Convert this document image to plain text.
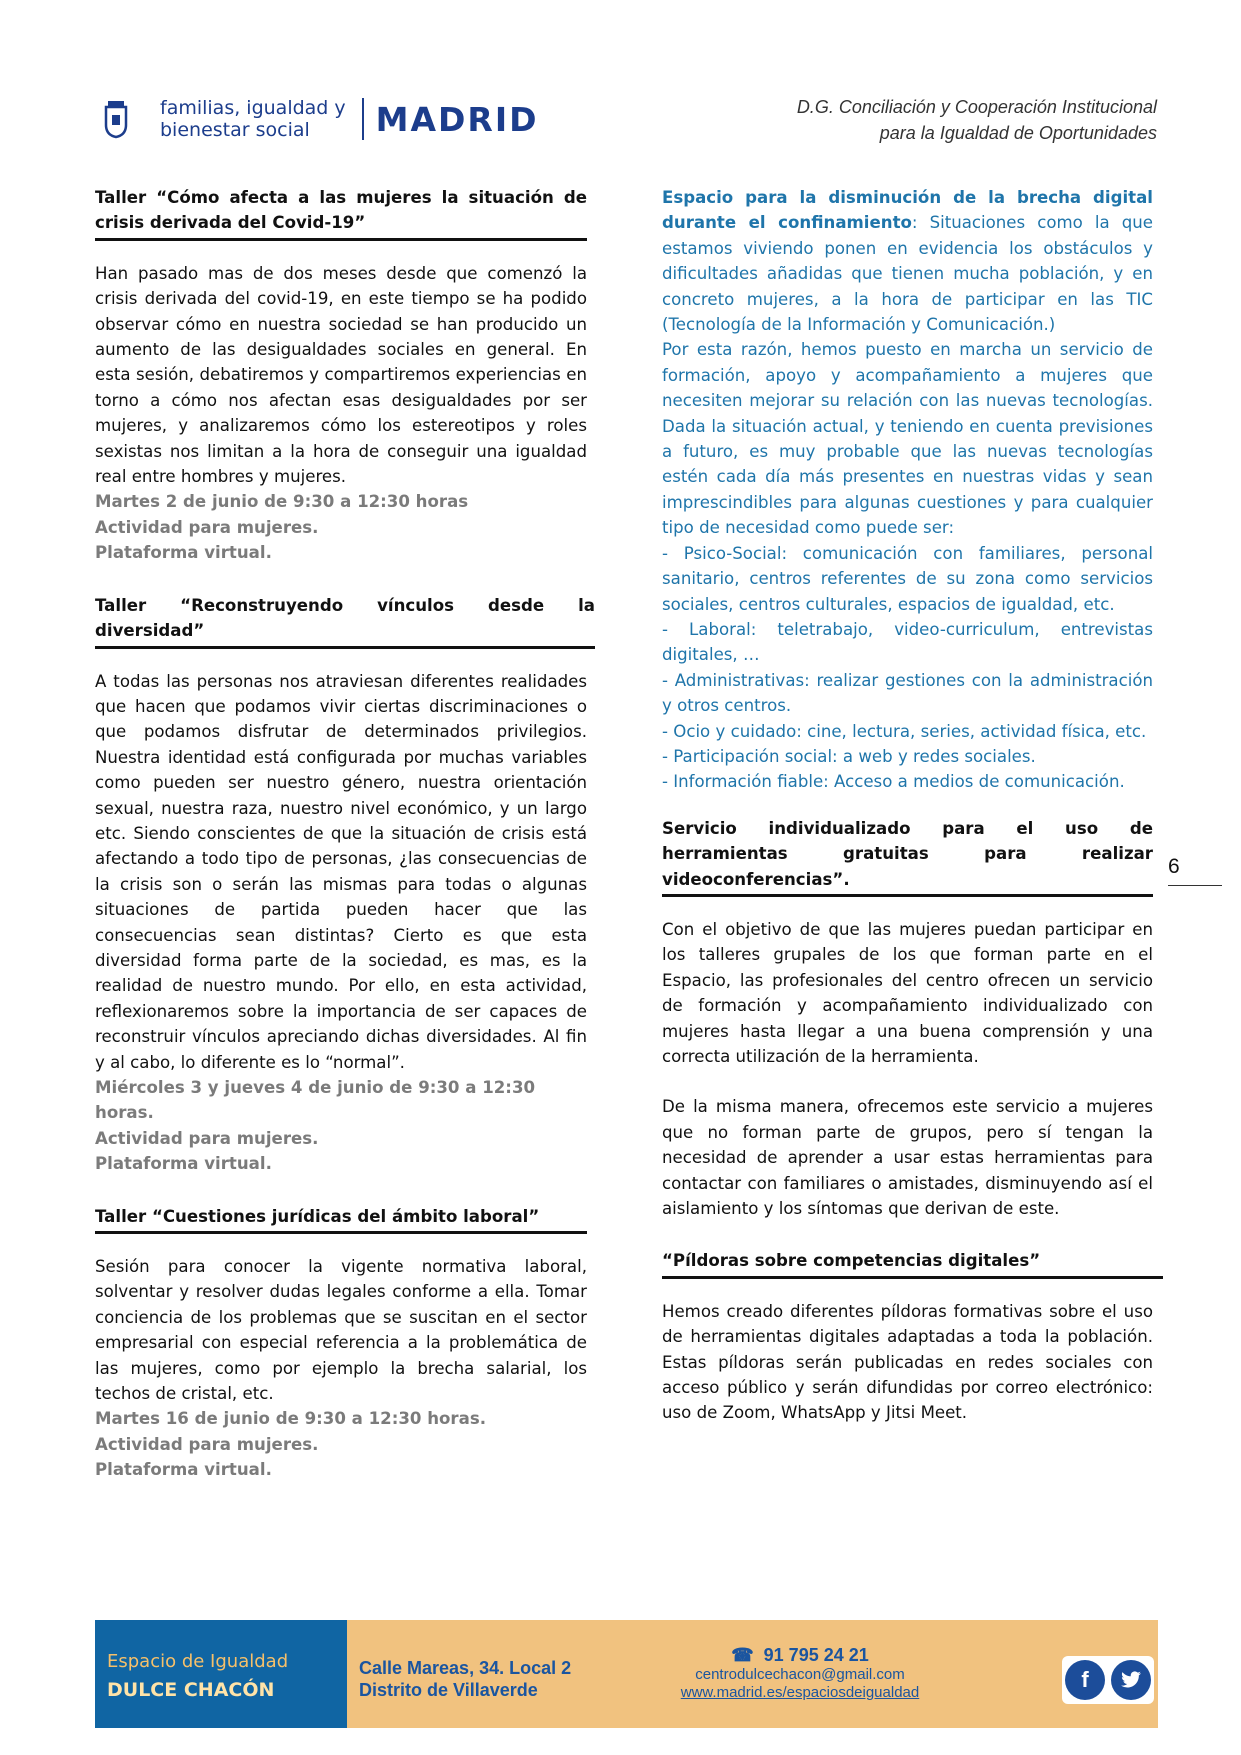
familias, igualdad y
bienestar social	MADRID	D.G. Conciliación y Cooperación Institucional
para la Igualdad de Oportunidades
Taller “Cómo afecta a las mujeres la situación de crisis derivada del Covid-19”
Han pasado mas de dos meses desde que comenzó la crisis derivada del covid-19, en este tiempo se ha podido observar cómo en nuestra sociedad se han producido un aumento de las desigualdades sociales en general. En esta sesión, debatiremos y compartiremos experiencias en torno a cómo nos afectan esas desigualdades por ser mujeres, y analizaremos cómo los estereotipos y roles sexistas nos limitan a la hora de conseguir una igualdad real entre hombres y mujeres.
Martes 2 de junio de 9:30 a 12:30 horas
Actividad para mujeres.
Plataforma virtual.
Taller “Reconstruyendo vínculos desde la diversidad”
A todas las personas nos atraviesan diferentes realidades que hacen que podamos vivir ciertas discriminaciones o que podamos disfrutar de determinados privilegios. Nuestra identidad está configurada por muchas variables como pueden ser nuestro género, nuestra orientación sexual, nuestra raza, nuestro nivel económico, y un largo etc. Siendo conscientes de que la situación de crisis está afectando a todo tipo de personas, ¿las consecuencias de la crisis son o serán las mismas para todas o algunas situaciones de partida pueden hacer que las consecuencias sean distintas? Cierto es que esta diversidad forma parte de la sociedad, es mas, es la realidad de nuestro mundo. Por ello, en esta actividad, reflexionaremos sobre la importancia de ser capaces de reconstruir vínculos apreciando dichas diversidades. Al fin y al cabo, lo diferente es lo “normal”.
Miércoles 3 y jueves 4 de junio de 9:30 a 12:30 horas.
Actividad para mujeres.
Plataforma virtual.
Taller “Cuestiones jurídicas del ámbito laboral”
Sesión para conocer la vigente normativa laboral, solventar y resolver dudas legales conforme a ella. Tomar conciencia de los problemas que se suscitan en el sector empresarial con especial referencia a la problemática de las mujeres, como por ejemplo la brecha salarial, los techos de cristal, etc.
Martes 16 de junio de 9:30 a 12:30 horas.
Actividad para mujeres.
Plataforma virtual.
Espacio para la disminución de la brecha digital durante el confinamiento: Situaciones como la que estamos viviendo ponen en evidencia los obstáculos y dificultades añadidas que tienen mucha población, y en concreto mujeres, a la hora de participar en las TIC (Tecnología de la Información y Comunicación.)
Por esta razón, hemos puesto en marcha un servicio de formación, apoyo y acompañamiento a mujeres que necesiten mejorar su relación con las nuevas tecnologías. Dada la situación actual, y teniendo en cuenta previsiones a futuro, es muy probable que las nuevas tecnologías estén cada día más presentes en nuestras vidas y sean imprescindibles para algunas cuestiones y para cualquier tipo de necesidad como puede ser:
- Psico-Social: comunicación con familiares, personal sanitario, centros referentes de su zona como servicios sociales, centros culturales, espacios de igualdad, etc.
- Laboral: teletrabajo, video-curriculum, entrevistas digitales, …
- Administrativas: realizar gestiones con la administración y otros centros.
- Ocio y cuidado: cine, lectura, series, actividad física, etc.
- Participación social: a web y redes sociales.
- Información fiable: Acceso a medios de comunicación.
Servicio individualizado para el uso de herramientas gratuitas para realizar videoconferencias”.
Con el objetivo de que las mujeres puedan participar en los talleres grupales de los que forman parte en el Espacio, las profesionales del centro ofrecen un servicio de formación y acompañamiento individualizado con mujeres hasta llegar a una buena comprensión y una correcta utilización de la herramienta.
De la misma manera, ofrecemos este servicio a mujeres que no forman parte de grupos, pero sí tengan la necesidad de aprender a usar estas herramientas para contactar con familiares o amistades, disminuyendo así el aislamiento y los síntomas que derivan de este.
“Píldoras sobre competencias digitales”
Hemos creado diferentes píldoras formativas sobre el uso de herramientas digitales adaptadas a toda la población. Estas píldoras serán publicadas en redes sociales con acceso público y serán difundidas por correo electrónico: uso de Zoom, WhatsApp y Jitsi Meet.
6
Espacio de Igualdad
DULCE CHACÓN
Calle Mareas, 34. Local 2
Distrito de Villaverde
☎  91 795 24 21
centrodulcechacon@gmail.com
www.madrid.es/espaciosdeigualdad
f
